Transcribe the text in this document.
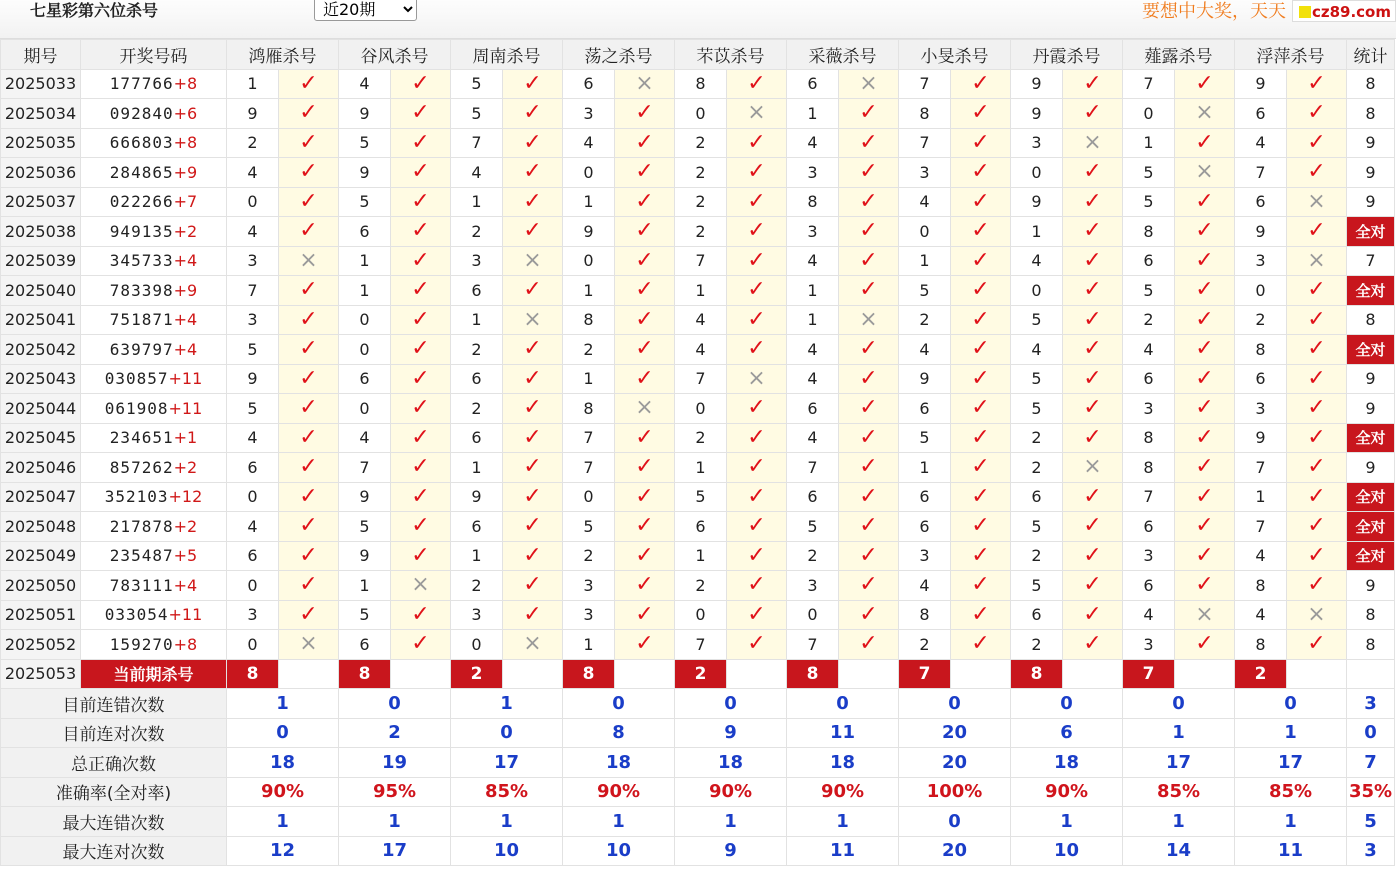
七星彩第六位杀号
近20期	要想中大奖，天天	cz89.com
期号	开奖号码	鸿雁杀号		谷风杀号		周南杀号		荡之杀号		芣苡杀号		采薇杀号		小旻杀号		丹霞杀号		薤露杀号		浮萍杀号		统计
2025033	177766+8	1	✓	4	✓	5	✓	6	×	8	✓	6	×	7	✓	9	✓	7	✓	9	✓	8
2025034	092840+6	9	✓	9	✓	5	✓	3	✓	0	×	1	✓	8	✓	9	✓	0	×	6	✓	8
2025035	666803+8	2	✓	5	✓	7	✓	4	✓	2	✓	4	✓	7	✓	3	×	1	✓	4	✓	9
2025036	284865+9	4	✓	9	✓	4	✓	0	✓	2	✓	3	✓	3	✓	0	✓	5	×	7	✓	9
2025037	022266+7	0	✓	5	✓	1	✓	1	✓	2	✓	8	✓	4	✓	9	✓	5	✓	6	×	9
2025038	949135+2	4	✓	6	✓	2	✓	9	✓	2	✓	3	✓	0	✓	1	✓	8	✓	9	✓	全对
2025039	345733+4	3	×	1	✓	3	×	0	✓	7	✓	4	✓	1	✓	4	✓	6	✓	3	×	7
2025040	783398+9	7	✓	1	✓	6	✓	1	✓	1	✓	1	✓	5	✓	0	✓	5	✓	0	✓	全对
2025041	751871+4	3	✓	0	✓	1	×	8	✓	4	✓	1	×	2	✓	5	✓	2	✓	2	✓	8
2025042	639797+4	5	✓	0	✓	2	✓	2	✓	4	✓	4	✓	4	✓	4	✓	4	✓	8	✓	全对
2025043	030857+11	9	✓	6	✓	6	✓	1	✓	7	×	4	✓	9	✓	5	✓	6	✓	6	✓	9
2025044	061908+11	5	✓	0	✓	2	✓	8	×	0	✓	6	✓	6	✓	5	✓	3	✓	3	✓	9
2025045	234651+1	4	✓	4	✓	6	✓	7	✓	2	✓	4	✓	5	✓	2	✓	8	✓	9	✓	全对
2025046	857262+2	6	✓	7	✓	1	✓	7	✓	1	✓	7	✓	1	✓	2	×	8	✓	7	✓	9
2025047	352103+12	0	✓	9	✓	9	✓	0	✓	5	✓	6	✓	6	✓	6	✓	7	✓	1	✓	全对
2025048	217878+2	4	✓	5	✓	6	✓	5	✓	6	✓	5	✓	6	✓	5	✓	6	✓	7	✓	全对
2025049	235487+5	6	✓	9	✓	1	✓	2	✓	1	✓	2	✓	3	✓	2	✓	3	✓	4	✓	全对
2025050	783111+4	0	✓	1	×	2	✓	3	✓	2	✓	3	✓	4	✓	5	✓	6	✓	8	✓	9
2025051	033054+11	3	✓	5	✓	3	✓	3	✓	0	✓	0	✓	8	✓	6	✓	4	×	4	×	8
2025052	159270+8	0	×	6	✓	0	×	1	✓	7	✓	7	✓	2	✓	2	✓	3	✓	8	✓	8
2025053	当前期杀号	8		8		2		8		2		8		7		8		7		2		
目前连错次数		1		0		1		0		0		0		0		0		0		0		3
目前连对次数		0		2		0		8		9		11		20		6		1		1		0
总正确次数		18		19		17		18		18		18		20		18		17		17		7
准确率(全对率)		90%		95%		85%		90%		90%		90%		100%		90%		85%		85%		35%
最大连错次数		1		1		1		1		1		1		0		1		1		1		5
最大连对次数		12		17		10		10		9		11		20		10		14		11		3
